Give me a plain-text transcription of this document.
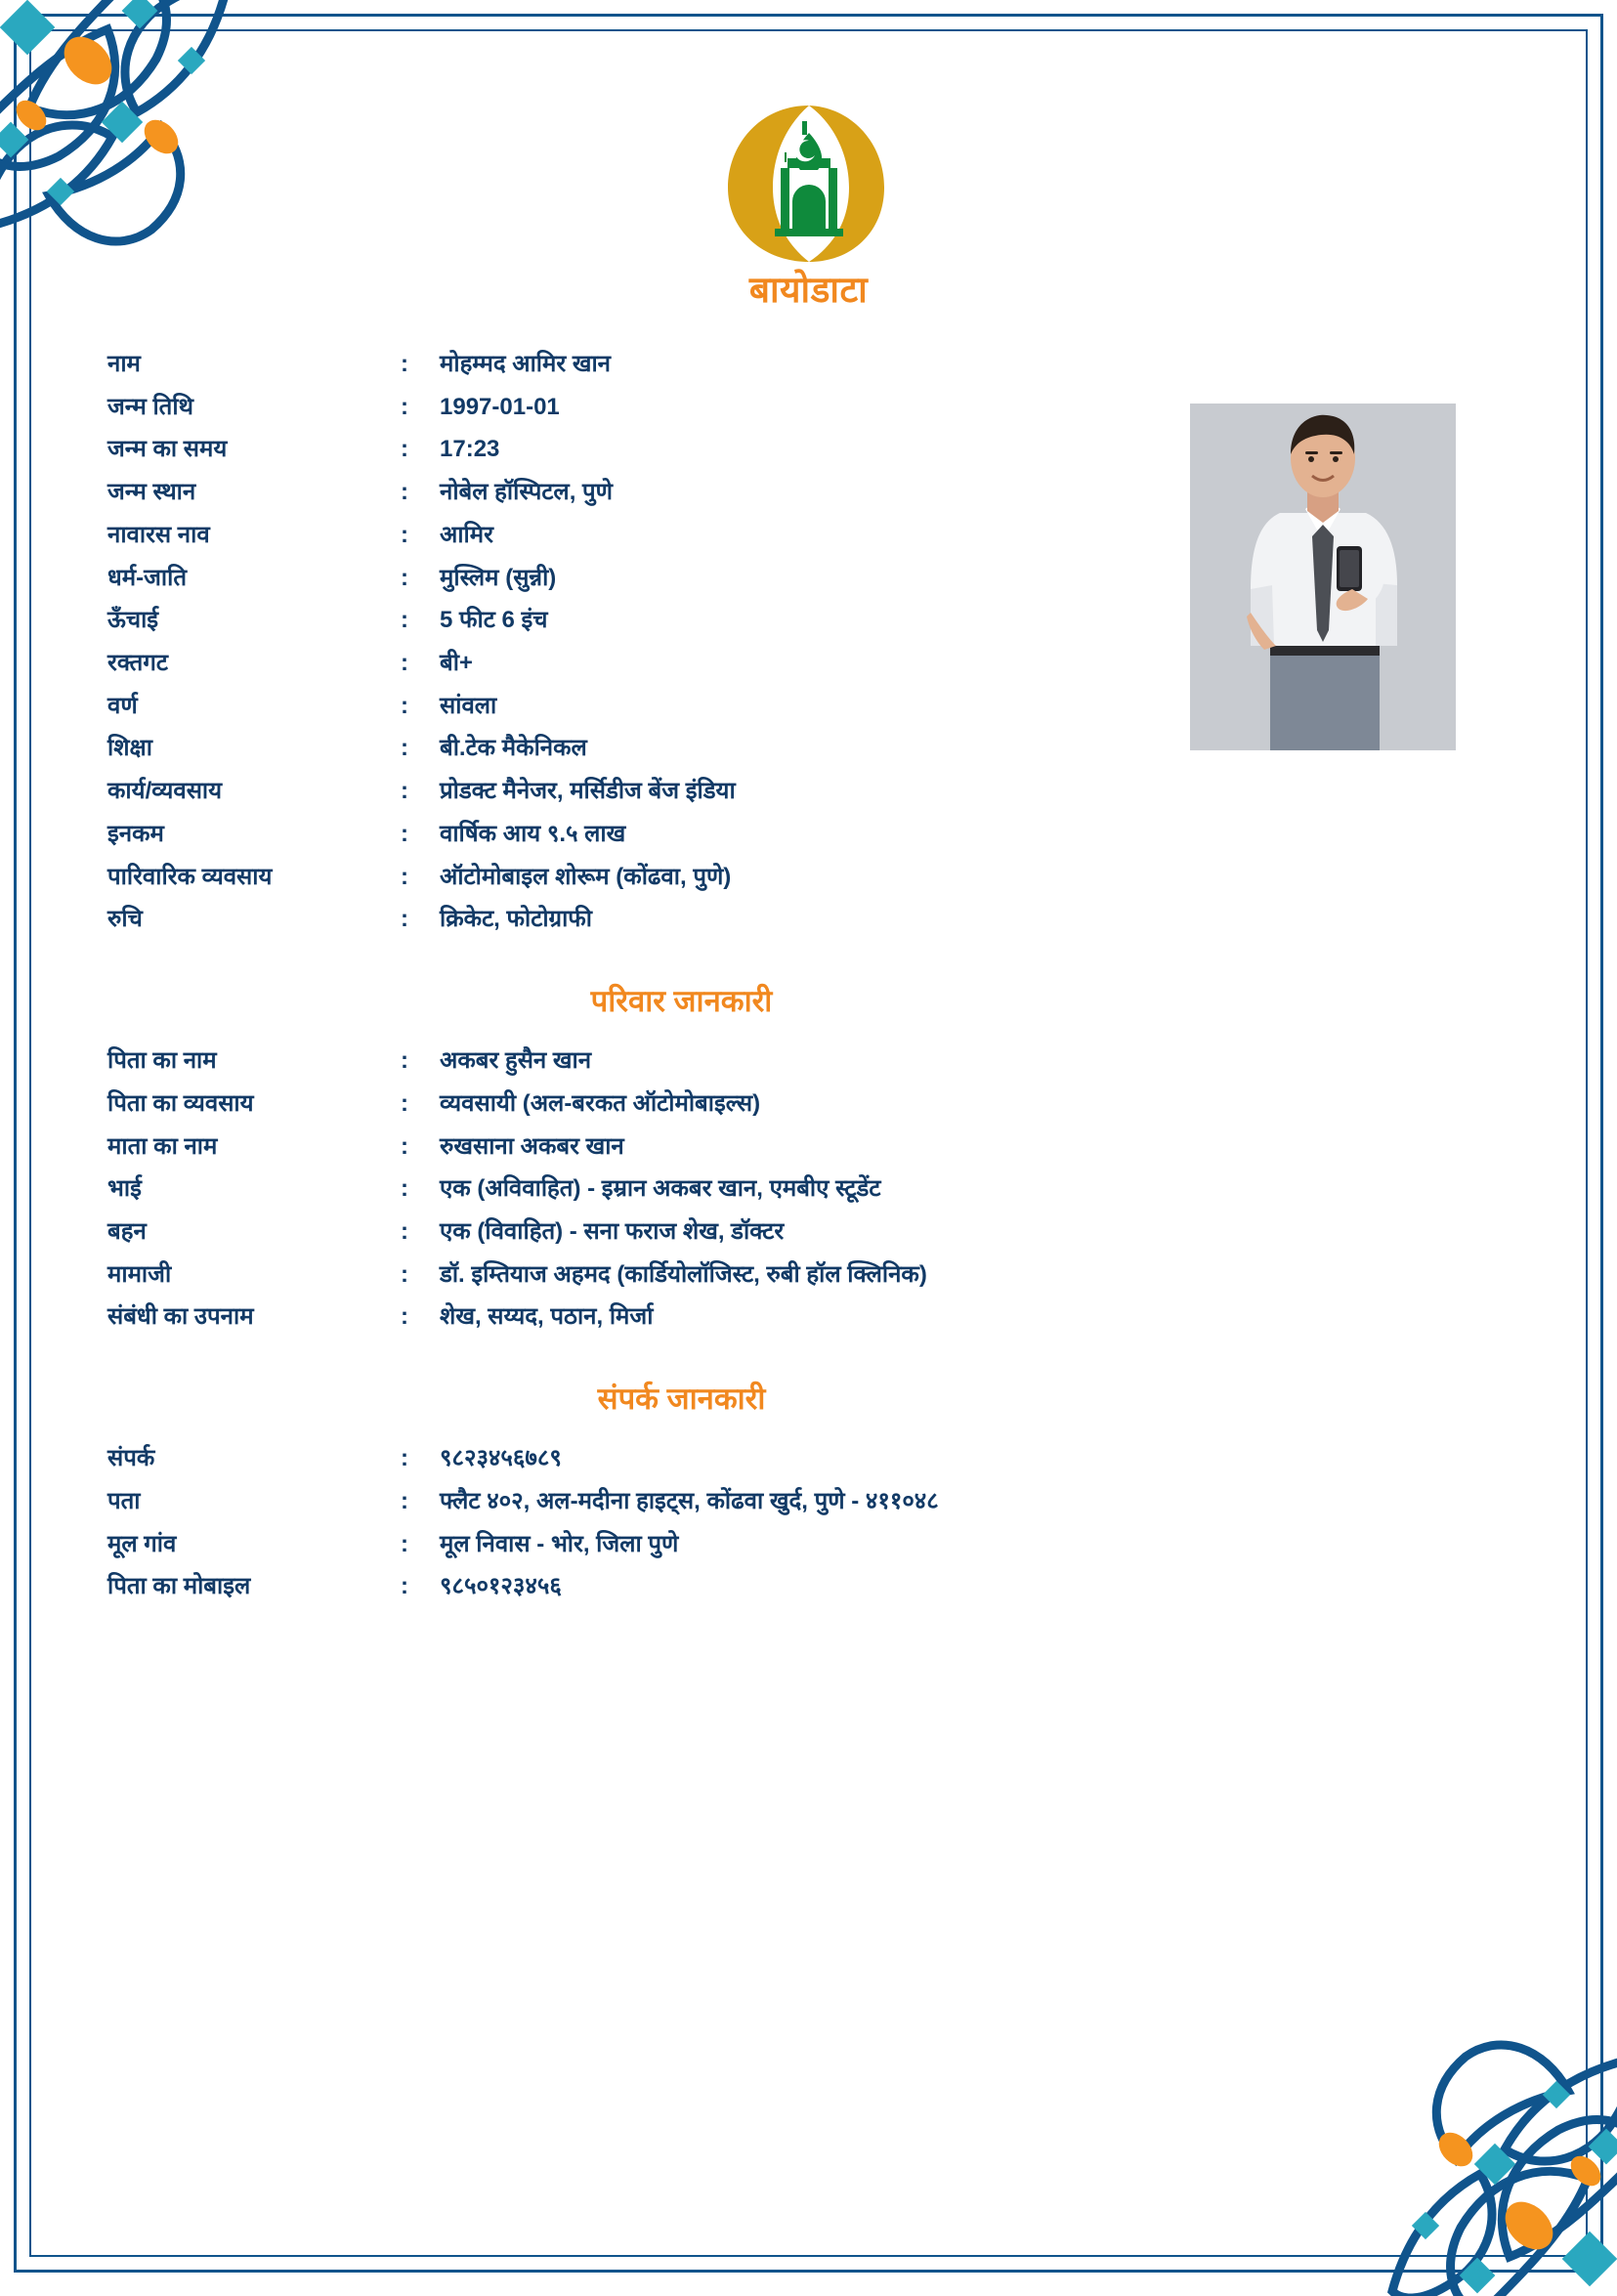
बायोडाटा
नाम	:	मोहम्मद आमिर खान
जन्म तिथि	:	1997-01-01
जन्म का समय	:	17:23
जन्म स्थान	:	नोबेल हॉस्पिटल, पुणे
नावारस नाव	:	आमिर
धर्म-जाति	:	मुस्लिम (सुन्नी)
ऊँचाई	:	5 फीट 6 इंच
रक्तगट	:	बी+
वर्ण	:	सांवला
शिक्षा	:	बी.टेक मैकेनिकल
कार्य/व्यवसाय	:	प्रोडक्ट मैनेजर, मर्सिडीज बेंज इंडिया
इनकम	:	वार्षिक आय ९.५ लाख
पारिवारिक व्यवसाय	:	ऑटोमोबाइल शोरूम (कोंढवा, पुणे)
रुचि	:	क्रिकेट, फोटोग्राफी
परिवार जानकारी
पिता का नाम	:	अकबर हुसैन खान
पिता का व्यवसाय	:	व्यवसायी (अल-बरकत ऑटोमोबाइल्स)
माता का नाम	:	रुखसाना अकबर खान
भाई	:	एक (अविवाहित) - इम्रान अकबर खान, एमबीए स्टूडेंट
बहन	:	एक (विवाहित) - सना फराज शेख, डॉक्टर
मामाजी	:	डॉ. इम्तियाज अहमद (कार्डियोलॉजिस्ट, रुबी हॉल क्लिनिक)
संबंधी का उपनाम	:	शेख, सय्यद, पठान, मिर्जा
संपर्क जानकारी
संपर्क	:	९८२३४५६७८९
पता	:	फ्लैट ४०२, अल-मदीना हाइट्स, कोंढवा खुर्द, पुणे - ४११०४८
मूल गांव	:	मूल निवास - भोर, जिला पुणे
पिता का मोबाइल	:	९८५०१२३४५६
